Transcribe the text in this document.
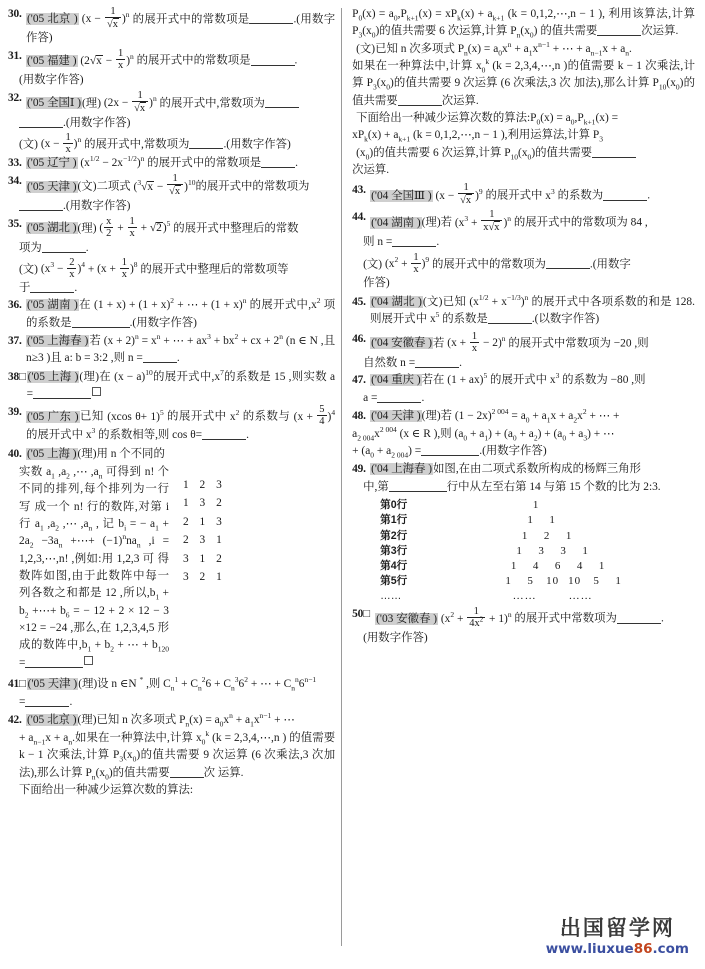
30. ('05 北京 ) $(x - \frac{1}{√x} )^n$ 的展开式中的常数项是	.(用数字作答)
31. ('05 福建 ) $(2√x - \frac{1}{x} )^n$ 的展开式中的常数项是	.
(用数字作答)
32. ('05 全国Ⅰ )(理) $(2x - \frac{1}{√x} )^n$ 的展开式中,常数项为
.(用数字作答)
(文) $(x - \frac{1}{x} )^n$ 的展开式中,常数项为	.(用数字作答)
33. ('05 辽宁 ) $(x^{1/2} - 2x^{-1/2})^n$ 的展开式中的常数项是	.
34. ('05 天津 )(文)二项式 $(^3√x - \frac{1}{√x} )^{10}$的展开式中的常数项为
.(用数字作答)
35. ('05 湖北 )(理) ( $\frac{x}{2} + \frac{1}{x} + √2)^5$ 的展开式中整理后的常数
项为	.
(文) $(x^3 - \frac{2}{x} )^4 + (x + \frac{1}{x} )^8$ 的展开式中整理后的常数项等
于	.
36. ('05 湖南 )在 $(1 + x) + (1 + x)^2$ + ⋯ + $(1 + x)^n$ 的展开式中$,x^2$ 项的系数是	.(用数字作答)
37. ('05 上海春 )若 $(x + 2)^n = x^n$ + ⋯ + $ax^3 + bx^2$ + cx + $2^n$ (n ∈ N ,且 n≥3 )且 a: b = 3:2 ,则 n =	.
38□ ('05 上海 )(理)在 $(x - a)^{10}$的展开式中$,x^7$的系数是 15 ,则实数 a =
39. ('05 广东 )已知 (xcos θ+ 1)$^5$ 的展开式中 $x^2$ 的系数与 $(x + \frac{5}{4} )^4$ 的展开式中 $x^3$ 的系数相等,则 cos θ=	.
40. ('05 上海 )(理)用 n 个不同的
实数 $a_1$ $,a_2$ ,⋯ $,a_n$ 可得到 n! 个 不同的排列,每个排列为一行写 成一个 n! 行的数阵,对第 i 行 $a_1$ $,a_2$ ,⋯ $,a_n$ , 记 $b_i$ = − $a_1 + 2a_2 -3a_n$ +⋯+ $(-1)^nna_n$ ,i = 1,2,3,⋯,n! ,例如:用 1,2,3 可 得数阵如图,由于此数阵中每一 列各数之和都是 12 ,所以$,b_1 + b_2$ +⋯+ $b_6$ = − 12 + 2 × 12 − 3 ×12 = −24 ,那么,在 1,2,3,4,5 形成的数阵中$,b_1 + b_2$ + ⋯ + $b_{120}$ =
1 2 3
1 3 2
2 1 3
2 3 1
3 1 2
3 2 1
41□ ('05 天津 )(理)设 n ∈N * ,则 $C_n^1 + C_n^26 + C_n^36^2$ + ⋯ + $C_n^n6^{n-1}$
=	.
42. ('05 北京 )(理)已知 n 次多项式 $P_n(x) = a_0x^n + a_1x^{n-1}$ + ⋯
+ $a_{n-1}x + a_n$.如果在一种算法中,计算 $x_0^k$ (k = 2,3,4,⋯,n ) 的值需要 k − 1 次乘法,计算 $P_3(x_0)$的值共需要 9 次运算 (6 次乘法,3 次加法),那么计算 $P_n(x_0)$的值共需要	次 运算.
下面给出一种减少运算次数的算法:
$P_0(x) = a_0,P_{k+1}(x) = xP_k(x) + a_{k+1}$ (k = 0,1,2,⋯,n − 1 ), 利用该算法,计算 $P_3(x_0)$的值共需要 6 次运算,计算 $P_n(x_0)$ 的值共需要	次运算.
(文)已知 n 次多项式 $P_n(x) = a_0x^n + a_1x^{n-1}$ + ⋯ + $a_{n-1}x + a_n$.
如果在一种算法中,计算 $x_0^k$ (k = 2,3,4,⋯,n )的值需要 k − 1 次乘法,计算 $P_3(x_0)$的值共需要 9 次运算 (6 次乘法,3 次 加法),那么计算 $P_{10}(x_0)$的值共需要	次运算.
下面给出一种减少运算次数的算法$:P_0(x) = a_0,P_{k+1}(x)$ =
$xP_k(x) + a_{k+1}$ (k = 0,1,2,⋯,n − 1 ),利用运算法,计算 $P_3$
$(x_0)$的值共需要 6 次运算,计算 $P_{10}(x_0)$的值共需要
次运算.
43. ('04 全国Ⅲ ) $(x - \frac{1}{√x} )^9$ 的展开式中 $x^3$ 的系数为	.
44. ('04 湖南 )(理)若 $(x^3 + \frac{1}{x√x} )^n$ 的展开式中的常数项为 84 ,
则 n =	.
(文) $(x^2 + \frac{1}{x} )^9$ 的展开式中的常数项为	.(用数字
作答)
45. ('04 湖北 )(文)已知 $(x^{1/2} + x^{-1/3})^n$ 的展开式中各项系数的和是 128.则展开式中 $x^5$ 的系数是	.(以数字作答)
46. ('04 安徽春 )若 $(x + \frac{1}{x} - 2)^n$ 的展开式中常数项为 −20 ,则
自然数 n =	.
47. ('04 重庆 )若在 (1 + ax)$^5$ 的展开式中 $x^3$ 的系数为 −80 ,则
a =	.
48. ('04 天津 )(理)若 $(1 - 2x)^{2 004} = a_0 + a_1x + a_2x^2$ + ⋯ +
$a_{2 004}x^{2 004}$ (x ∈ R ),则 $(a_0 + a_1) + (a_0 + a_2) + (a_0 + a_3)$ + ⋯
+ $(a_0 + a_{2 004})$ =	.(用数字作答)
49. ('04 上海春 )如图,在由二项式系数所构成的杨辉三角形
中,第	行中从左至右第 14 与第 15 个数的比为 2:3.
第0行	1
第1行	1 1
第2行	1 2 1
第3行	1 3 3 1
第4行	1 4 6 4 1
第5行	1 5 10 10 5 1
……	……	……
50□ ('03 安徽春 ) $(x^2 + \frac{1}{4x^2} + 1)^n$ 的展开式中常数项为	.
(用数字作答)
出国留学网
www.liuxue86.com
